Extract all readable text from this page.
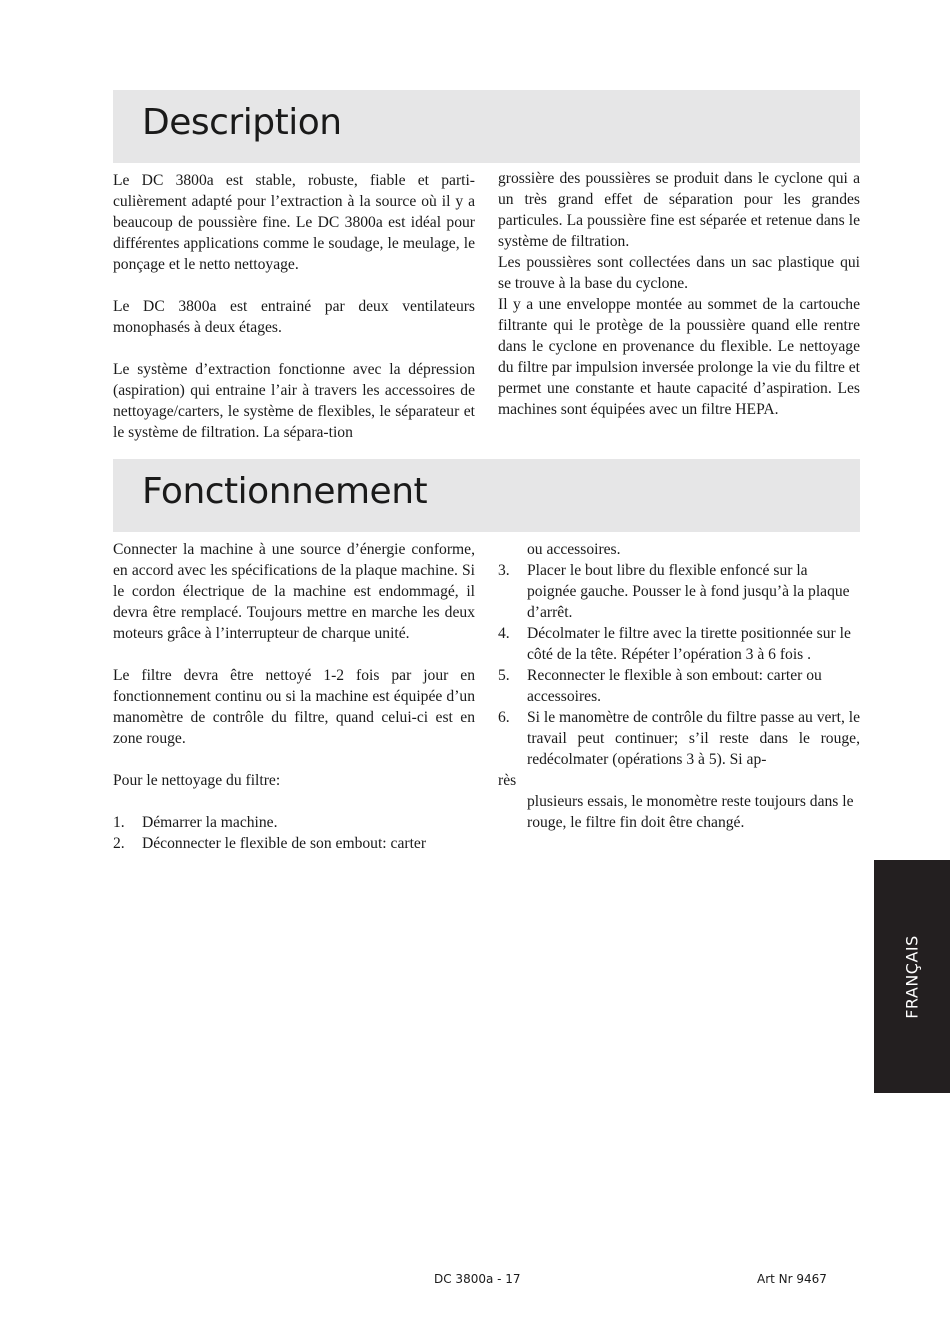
Description

Le DC 3800a est stable, robuste, fiable et parti-culièrement adapté pour l’extraction à la source où il y a beaucoup de poussière fine. Le DC 3800a est idéal pour différentes applications comme le soudage, le meulage, le ponçage et le netto nettoyage.

Le DC 3800a est entrainé par deux ventilateurs monophasés à deux étages.

Le système d’extraction fonctionne avec la dépression (aspiration) qui entraine l’air à travers les accessoires de nettoyage/carters, le système de flexibles, le séparateur et le système de filtration. La sépara-tion

grossière des poussières se produit dans le cyclone qui a un très grand effet de séparation pour les grandes particules. La poussière fine est séparée et retenue dans le système de filtration.

Les poussières sont collectées dans un sac plastique qui se trouve à la base du cyclone.

Il y a une enveloppe montée au sommet de la cartouche filtrante qui le protège de la poussière quand elle rentre dans le cyclone en provenance du flexible. Le nettoyage du filtre par impulsion inversée prolonge la vie du filtre et permet une constante et haute capacité d’aspiration. Les machines sont équipées avec un filtre HEPA.

Fonctionnement

Connecter la machine à une source d’énergie conforme, en accord avec les spécifications de la plaque machine. Si le cordon électrique de la machine est endommagé, il devra être remplacé. Toujours mettre en marche les deux moteurs grâce à l’interrupteur de charque unité.

Le filtre devra être nettoyé 1-2 fois par jour en fonctionnement continu ou si la machine est équipée d’un manomètre de contrôle du filtre, quand celui-ci est en zone rouge.

Pour le nettoyage du filtre:

1. Démarrer la machine.
2. Déconnecter le flexible de son embout: carter
ou accessoires.
3. Placer le bout libre du flexible enfoncé sur la poignée gauche. Pousser le à fond jusqu’à la plaque d’arrêt.
4. Décolmater le filtre avec la tirette positionnée sur le côté de la tête. Répéter l’opération 3 à 6 fois .
5. Reconnecter le flexible à son embout: carter ou accessoires.
6. Si le manomètre de contrôle du filtre passe au vert, le travail peut continuer; s’il reste dans le rouge, redécolmater (opérations 3 à 5). Si ap-
rès
plusieurs essais, le monomètre reste toujours dans le rouge, le filtre fin doit être changé.
FRANÇAIS
DC 3800a - 17	Art Nr 9467
